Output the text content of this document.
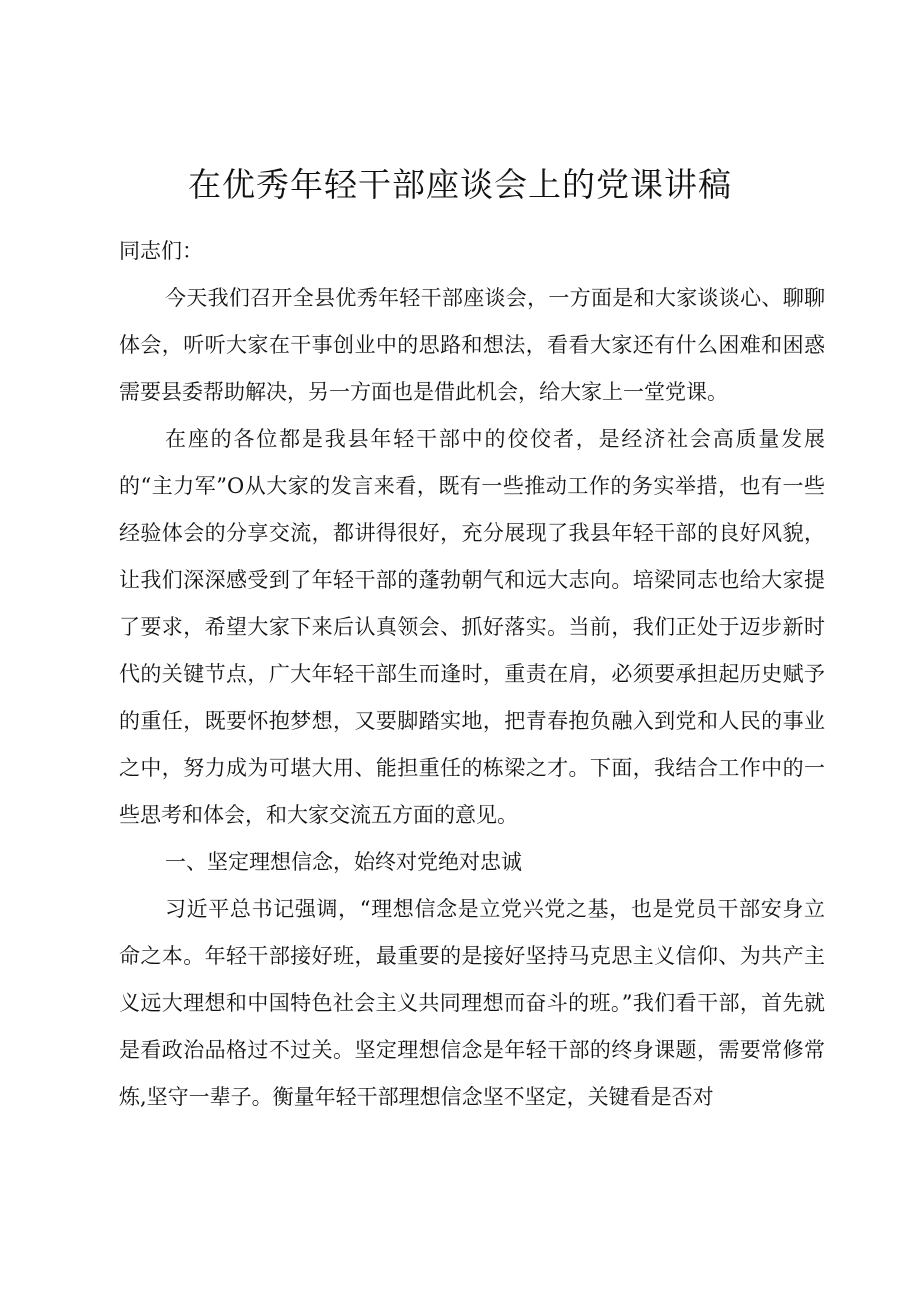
在优秀年轻干部座谈会上的党课讲稿

同志们：

今天我们召开全县优秀年轻干部座谈会，一方面是和大家谈谈心、聊聊体会，听听大家在干事创业中的思路和想法，看看大家还有什么困难和困惑需要县委帮助解决，另一方面也是借此机会，给大家上一堂党课。

在座的各位都是我县年轻干部中的佼佼者，是经济社会高质量发展的“主力军”O从大家的发言来看，既有一些推动工作的务实举措，也有一些经验体会的分享交流，都讲得很好，充分展现了我县年轻干部的良好风貌，让我们深深感受到了年轻干部的蓬勃朝气和远大志向。培梁同志也给大家提了要求，希望大家下来后认真领会、抓好落实。当前，我们正处于迈步新时代的关键节点，广大年轻干部生而逢时，重责在肩，必须要承担起历史赋予的重任，既要怀抱梦想，又要脚踏实地，把青春抱负融入到党和人民的事业之中，努力成为可堪大用、能担重任的栋梁之才。下面，我结合工作中的一些思考和体会，和大家交流五方面的意见。

一、坚定理想信念，始终对党绝对忠诚

习近平总书记强调，“理想信念是立党兴党之基，也是党员干部安身立命之本。年轻干部接好班，最重要的是接好坚持马克思主义信仰、为共产主义远大理想和中国特色社会主义共同理想而奋斗的班。”我们看干部，首先就是看政治品格过不过关。坚定理想信念是年轻干部的终身课题，需要常修常炼,坚守一辈子。衡量年轻干部理想信念坚不坚定，关键看是否对
